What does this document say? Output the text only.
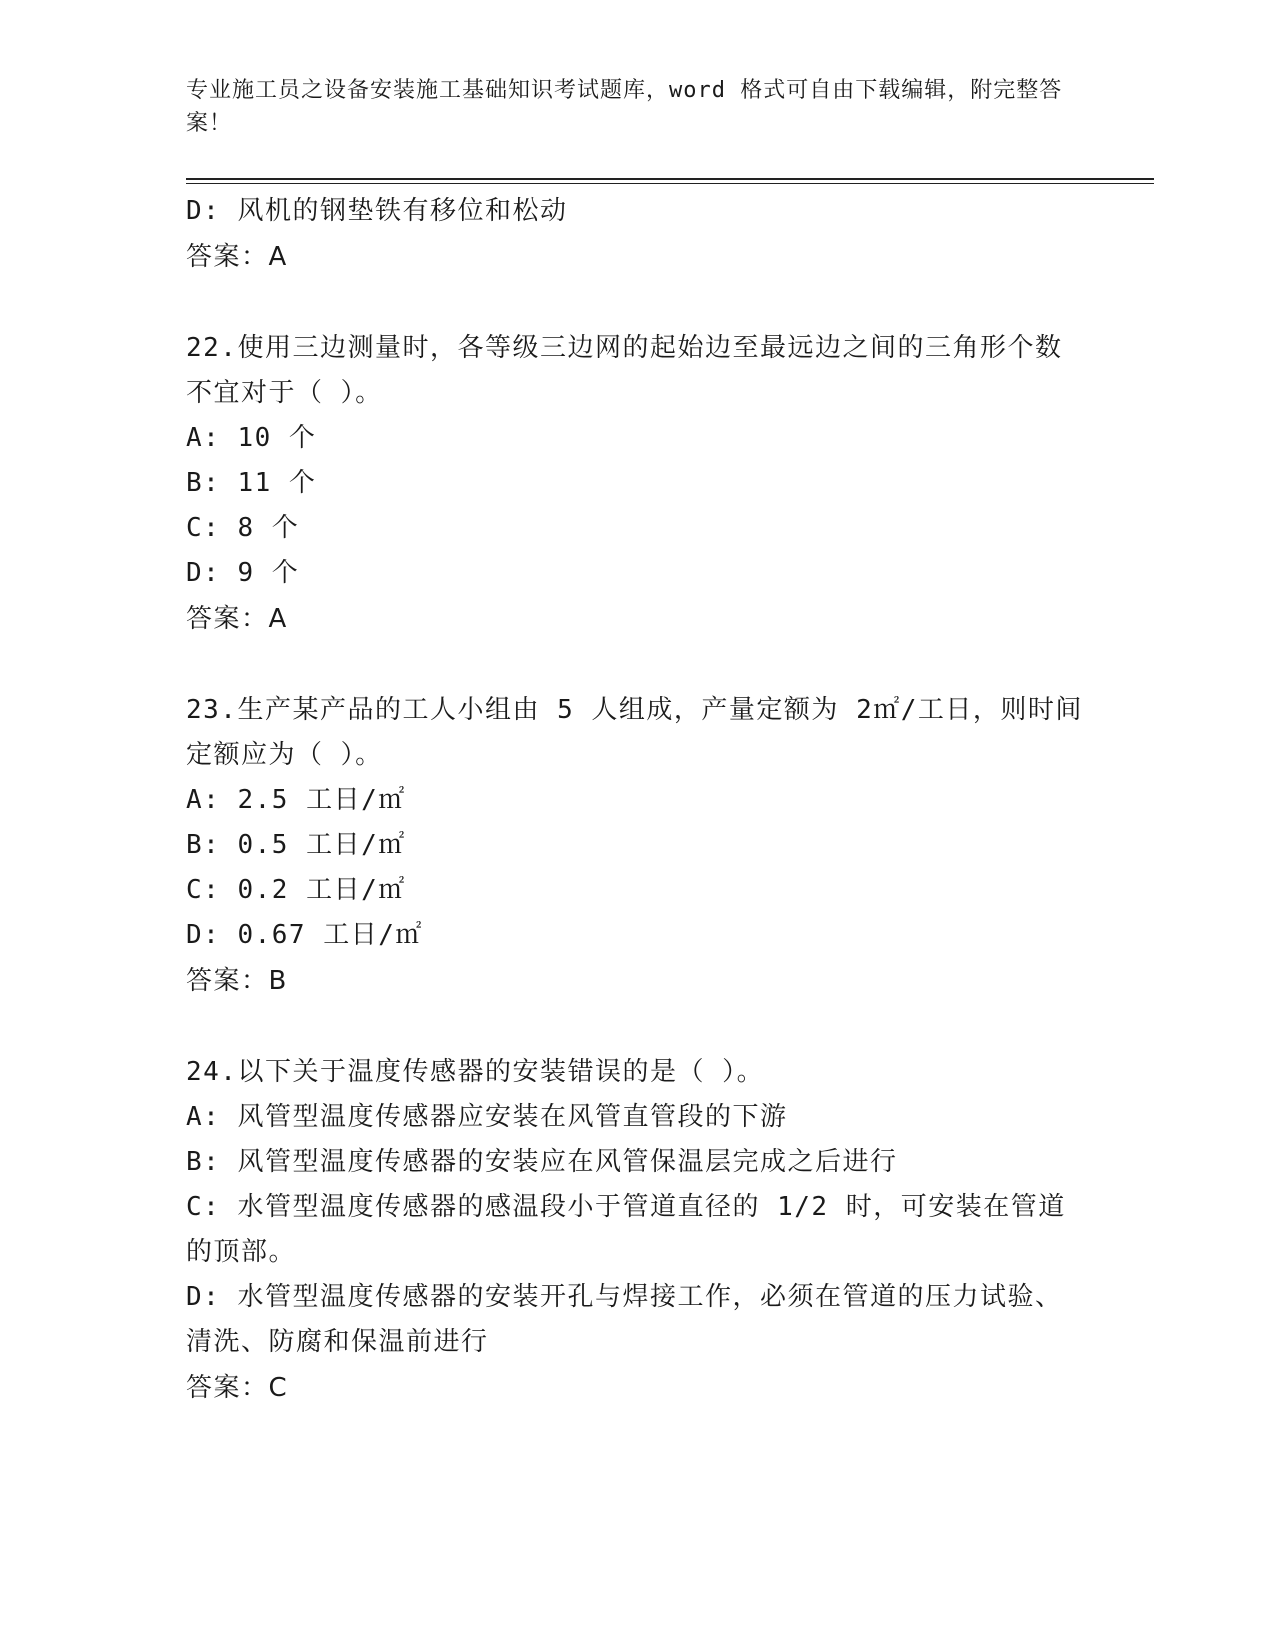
专业施工员之设备安装施工基础知识考试题库，word 格式可自由下载编辑，附完整答案！

D: 风机的钢垫铁有移位和松动

答案：A

22.使用三边测量时，各等级三边网的起始边至最远边之间的三角形个数不宜对于（ ）。

A: 10 个

B: 11 个

C: 8 个

D: 9 个

答案：A

23.生产某产品的工人小组由 5 人组成，产量定额为 2㎡/工日，则时间定额应为（ ）。

A: 2.5 工日/㎡

B: 0.5 工日/㎡

C: 0.2 工日/㎡

D: 0.67 工日/㎡

答案：B

24.以下关于温度传感器的安装错误的是（ ）。

A: 风管型温度传感器应安装在风管直管段的下游

B: 风管型温度传感器的安装应在风管保温层完成之后进行

C: 水管型温度传感器的感温段小于管道直径的 1/2 时，可安装在管道的顶部。

D: 水管型温度传感器的安装开孔与焊接工作，必须在管道的压力试验、清洗、防腐和保温前进行

答案：C
